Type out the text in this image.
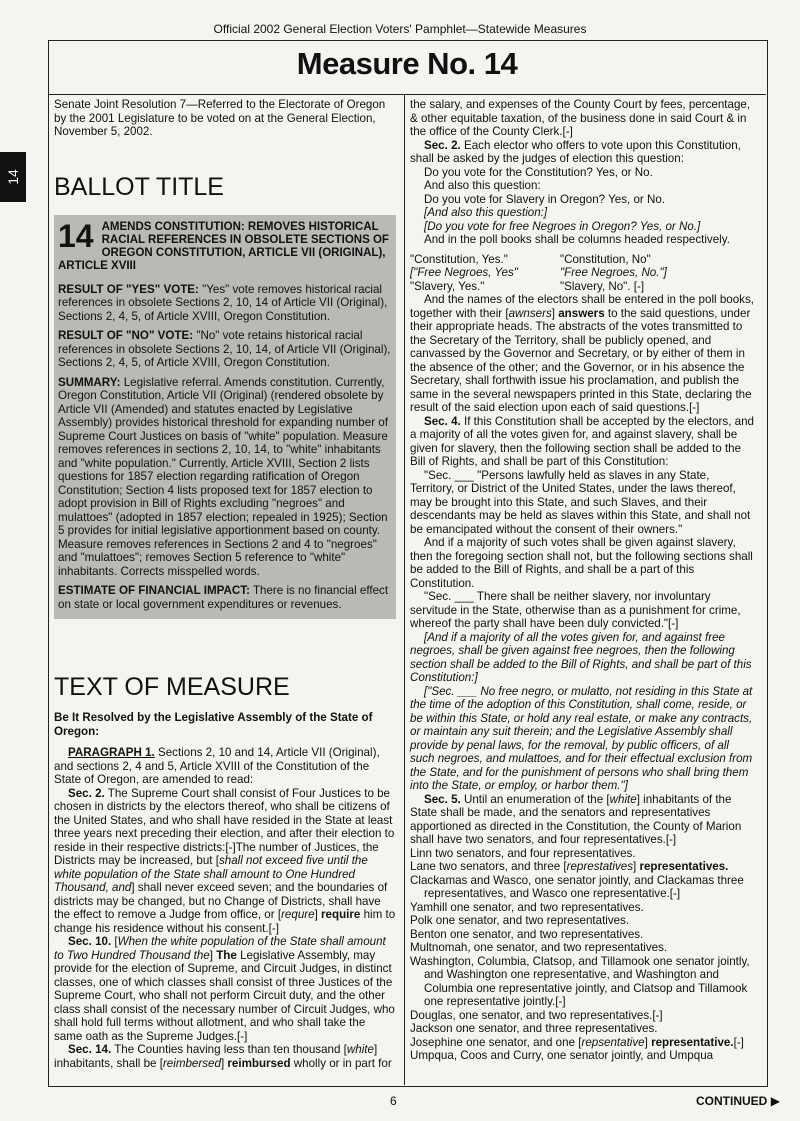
Official 2002 General Election Voters' Pamphlet—Statewide Measures
Measure No. 14
14

Senate Joint Resolution 7—Referred to the Electorate of Oregon by the 2001 Legislature to be voted on at the General Election, November 5, 2002.

BALLOT TITLE
14 AMENDS CONSTITUTION: REMOVES HISTORICAL RACIAL REFERENCES IN OBSOLETE SECTIONS OF OREGON CONSTITUTION, ARTICLE VII (ORIGINAL), ARTICLE XVIII

RESULT OF "YES" VOTE: "Yes" vote removes historical racial references in obsolete Sections 2, 10, 14 of Article VII (Original), Sections 2, 4, 5, of Article XVIII, Oregon Constitution.

RESULT OF "NO" VOTE: "No" vote retains historical racial references in obsolete Sections 2, 10, 14, of Article VII (Original), Sections 2, 4, 5, of Article XVIII, Oregon Constitution.

SUMMARY: Legislative referral. Amends constitution. Currently, Oregon Constitution, Article VII (Original) (rendered obsolete by Article VII (Amended) and statutes enacted by Legislative Assembly) provides historical threshold for expanding number of Supreme Court Justices on basis of "white" population. Measure removes references in sections 2, 10, 14, to "white" inhabitants and "white population." Currently, Article XVIII, Section 2 lists questions for 1857 election regarding ratification of Oregon Constitution; Section 4 lists proposed text for 1857 election to adopt provision in Bill of Rights excluding "negroes" and mulattoes" (adopted in 1857 election; repealed in 1925); Section 5 provides for initial legislative apportionment based on county. Measure removes references in Sections 2 and 4 to "negroes" and "mulattoes"; removes Section 5 reference to "white" inhabitants. Corrects misspelled words.

ESTIMATE OF FINANCIAL IMPACT: There is no financial effect on state or local government expenditures or revenues.

TEXT OF MEASURE

Be It Resolved by the Legislative Assembly of the State of Oregon:

PARAGRAPH 1. Sections 2, 10 and 14, Article VII (Original), and sections 2, 4 and 5, Article XVIII of the Constitution of the State of Oregon, are amended to read:

Sec. 2. The Supreme Court shall consist of Four Justices to be chosen in districts by the electors thereof, who shall be citizens of the United States, and who shall have resided in the State at least three years next preceding their election, and after their election to reside in their respective districts:[-]The number of Justices, the Districts may be increased, but [shall not exceed five until the white population of the State shall amount to One Hundred Thousand, and] shall never exceed seven; and the boundaries of districts may be changed, but no Change of Districts, shall have the effect to remove a Judge from office, or [requre] require him to change his residence without his consent.[-]

Sec. 10. [When the white population of the State shall amount to Two Hundred Thousand the] The Legislative Assembly, may provide for the election of Supreme, and Circuit Judges, in distinct classes, one of which classes shall consist of three Justices of the Supreme Court, who shall not perform Circuit duty, and the other class shall consist of the necessary number of Circuit Judges, who shall hold full terms without allotment, and who shall take the same oath as the Supreme Judges.[-]

Sec. 14. The Counties having less than ten thousand [white] inhabitants, shall be [reimbersed] reimbursed wholly or in part for

the salary, and expenses of the County Court by fees, percentage, & other equitable taxation, of the business done in said Court & in the office of the County Clerk.[-]

Sec. 2. Each elector who offers to vote upon this Constitution, shall be asked by the judges of election this question:

Do you vote for the Constitution? Yes, or No.

And also this question:

Do you vote for Slavery in Oregon? Yes, or No.

[And also this question:]

[Do you vote for free Negroes in Oregon? Yes, or No.]

And in the poll books shall be columns headed respectively.

"Constitution, Yes."	"Constitution, No"
["Free Negroes, Yes"	"Free Negroes, No."]
"Slavery, Yes."	"Slavery, No". [-]

And the names of the electors shall be entered in the poll books, together with their [awnsers] answers to the said questions, under their appropriate heads. The abstracts of the votes transmitted to the Secretary of the Territory, shall be publicly opened, and canvassed by the Governor and Secretary, or by either of them in the absence of the other; and the Governor, or in his absence the Secretary, shall forthwith issue his proclamation, and publish the same in the several newspapers printed in this State, declaring the result of the said election upon each of said questions.[-]

Sec. 4. If this Constitution shall be accepted by the electors, and a majority of all the votes given for, and against slavery, shall be given for slavery, then the following section shall be added to the Bill of Rights, and shall be part of this Constitution:

"Sec. ___ "Persons lawfully held as slaves in any State, Territory, or District of the United States, under the laws thereof, may be brought into this State, and such Slaves, and their descendants may be held as slaves within this State, and shall not be emancipated without the consent of their owners."

And if a majority of such votes shall be given against slavery, then the foregoing section shall not, but the following sections shall be added to the Bill of Rights, and shall be a part of this Constitution.

"Sec. ___ There shall be neither slavery, nor involuntary servitude in the State, otherwise than as a punishment for crime, whereof the party shall have been duly convicted."[-]

[And if a majority of all the votes given for, and against free negroes, shall be given against free negroes, then the following section shall be added to the Bill of Rights, and shall be part of this Constitution:]

["Sec. ___ No free negro, or mulatto, not residing in this State at the time of the adoption of this Constitution, shall come, reside, or be within this State, or hold any real estate, or make any contracts, or maintain any suit therein; and the Legislative Assembly shall provide by penal laws, for the removal, by public officers, of all such negroes, and mulattoes, and for their effectual exclusion from the State, and for the punishment of persons who shall bring them into the State, or employ, or harbor them."]

Sec. 5. Until an enumeration of the [white] inhabitants of the State shall be made, and the senators and representatives apportioned as directed in the Constitution, the County of Marion shall have two senators, and four representatives.[-]

Linn two senators, and four representatives.

Lane two senators, and three [represtatives] representatives.

Clackamas and Wasco, one senator jointly, and Clackamas three representatives, and Wasco one representative.[-]

Yamhill one senator, and two representatives.

Polk one senator, and two representatives.

Benton one senator, and two representatives.

Multnomah, one senator, and two representatives.

Washington, Columbia, Clatsop, and Tillamook one senator jointly, and Washington one representative, and Washington and Columbia one representative jointly, and Clatsop and Tillamook one representative jointly.[-]

Douglas, one senator, and two representatives.[-]

Jackson one senator, and three representatives.

Josephine one senator, and one [repsentative] representative.[-]

Umpqua, Coos and Curry, one senator jointly, and Umpqua

6	CONTINUED ▶
